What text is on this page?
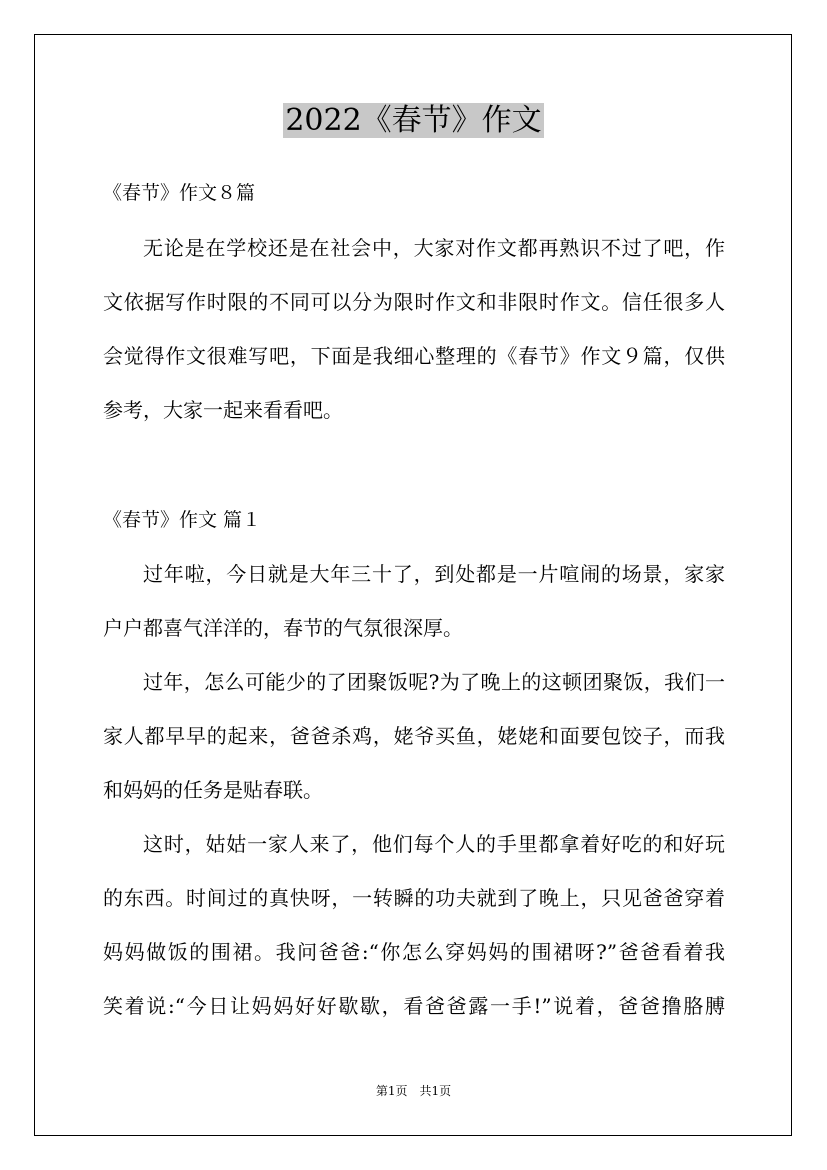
2022《春节》作文
《春节》作文８篇
无论是在学校还是在社会中，大家对作文都再熟识不过了吧，作
文依据写作时限的不同可以分为限时作文和非限时作文。信任很多人
会觉得作文很难写吧，下面是我细心整理的《春节》作文９篇，仅供
参考，大家一起来看看吧。
《春节》作文 篇１
过年啦，今日就是大年三十了，到处都是一片喧闹的场景，家家
户户都喜气洋洋的，春节的气氛很深厚。
过年，怎么可能少的了团聚饭呢?为了晚上的这顿团聚饭，我们一
家人都早早的起来，爸爸杀鸡，姥爷买鱼，姥姥和面要包饺子，而我
和妈妈的任务是贴春联。
这时，姑姑一家人来了，他们每个人的手里都拿着好吃的和好玩
的东西。时间过的真快呀，一转瞬的功夫就到了晚上，只见爸爸穿着
妈妈做饭的围裙。我问爸爸:“你怎么穿妈妈的围裙呀?”爸爸看着我
笑着说:“今日让妈妈好好歇歇，看爸爸露一手!”说着，爸爸撸胳膊
第1页　共1页
